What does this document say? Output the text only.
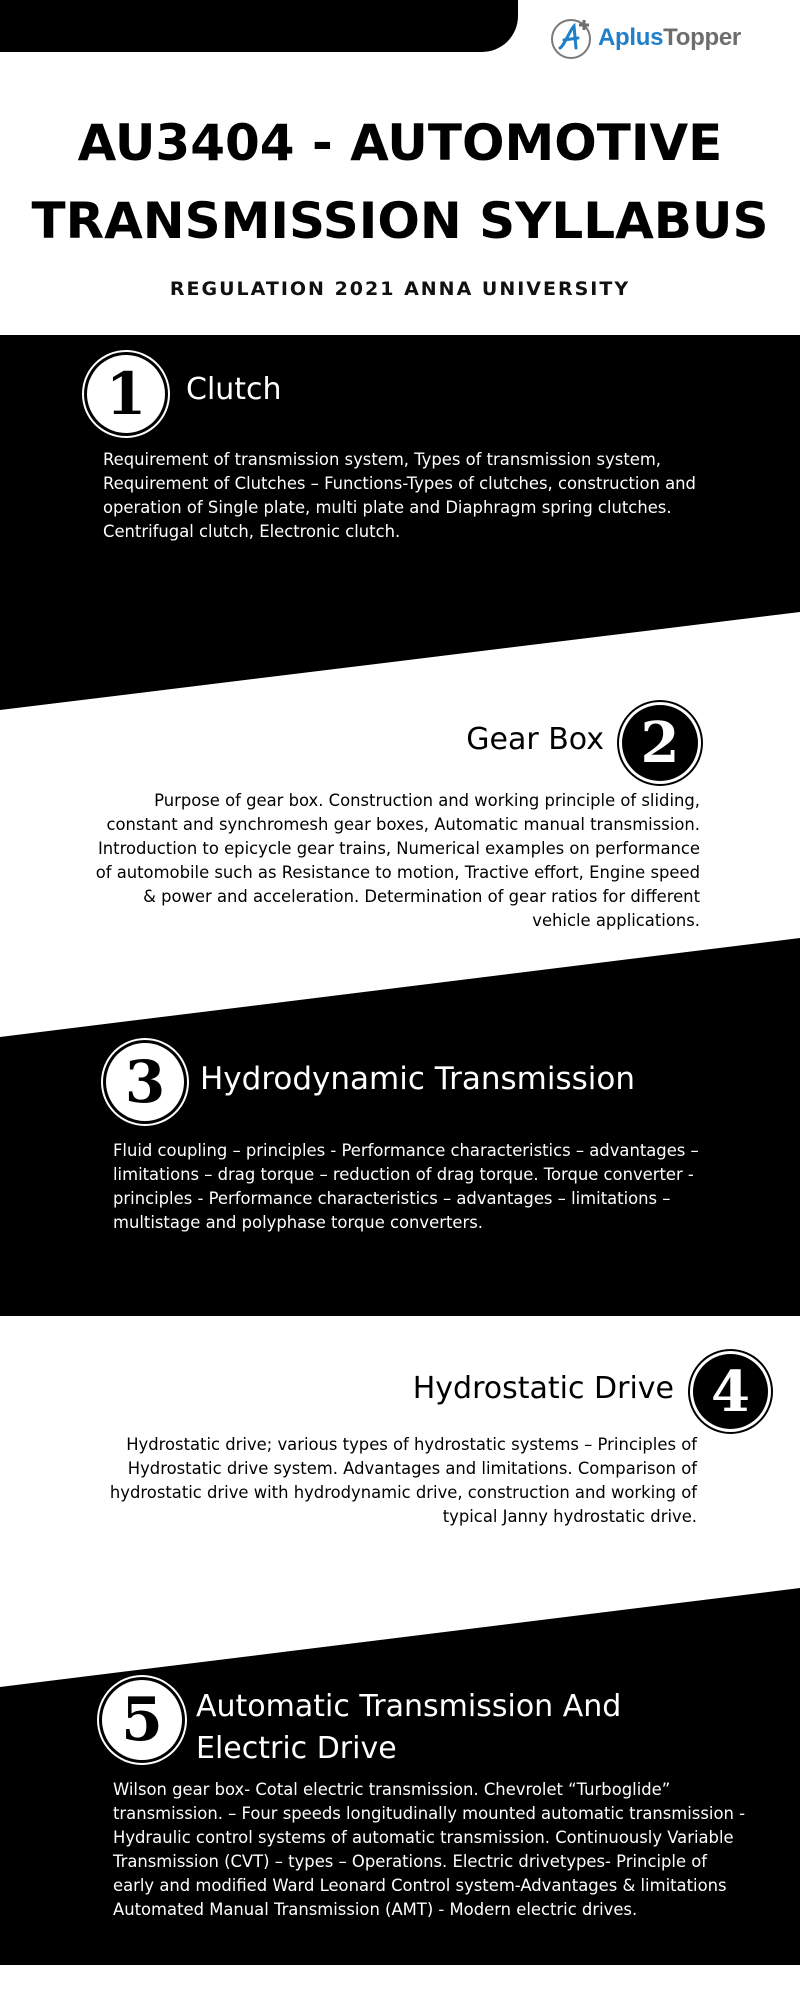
AplusTopper
AU3404 - AUTOMOTIVE
TRANSMISSION SYLLABUS
REGULATION 2021 ANNA UNIVERSITY
1 Clutch
Requirement of transmission system, Types of transmission system, Requirement of Clutches – Functions-Types of clutches, construction and operation of Single plate, multi plate and Diaphragm spring clutches. Centrifugal clutch, Electronic clutch.
2
Gear Box
Purpose of gear box. Construction and working principle of sliding, constant and synchromesh gear boxes, Automatic manual transmission. Introduction to epicycle gear trains, Numerical examples on performance of automobile such as Resistance to motion, Tractive effort, Engine speed & power and acceleration. Determination of gear ratios for different vehicle applications.
3 Hydrodynamic Transmission
Fluid coupling – principles - Performance characteristics – advantages – limitations – drag torque – reduction of drag torque. Torque converter - principles - Performance characteristics – advantages – limitations – multistage and polyphase torque converters.
4
Hydrostatic Drive
Hydrostatic drive; various types of hydrostatic systems – Principles of Hydrostatic drive system. Advantages and limitations. Comparison of hydrostatic drive with hydrodynamic drive, construction and working of typical Janny hydrostatic drive.
5 Automatic Transmission And
Electric Drive
Wilson gear box- Cotal electric transmission. Chevrolet “Turboglide” transmission. – Four speeds longitudinally mounted automatic transmission -Hydraulic control systems of automatic transmission. Continuously Variable Transmission (CVT) – types – Operations. Electric drivetypes- Principle of early and modified Ward Leonard Control system-Advantages & limitations Automated Manual Transmission (AMT) - Modern electric drives.
